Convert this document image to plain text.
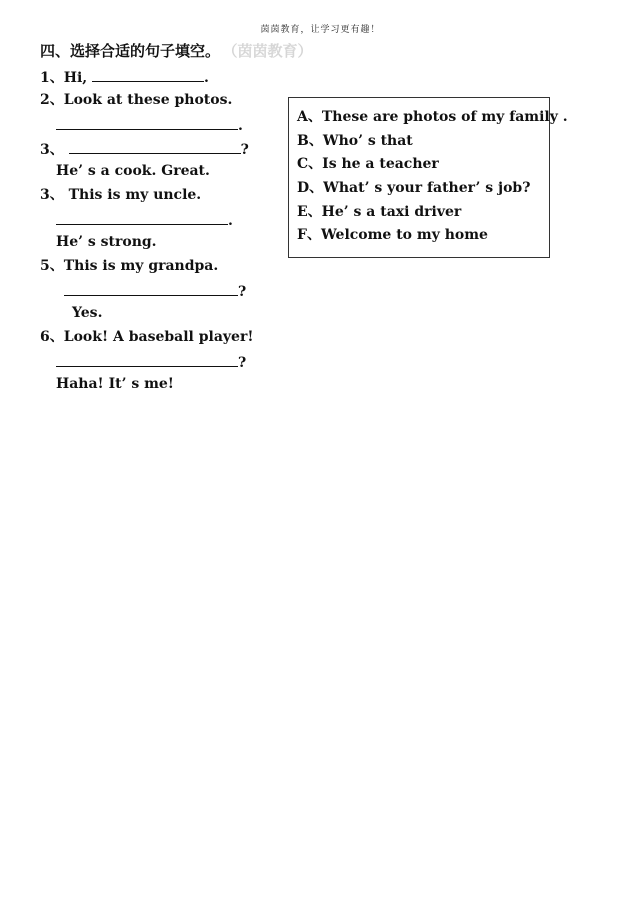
茵茵教育，让学习更有趣！
四、选择合适的句子填空。 （茵茵教育）
1、Hi,	.
2、Look at these photos.
.
3、	?
He’ s a cook. Great.
3、 This is my uncle.
.
He’ s strong.
5、This is my grandpa.
?
Yes.
6、Look! A baseball player!
?
Haha! It’ s me!
A、These are photos of my family .
B、Who’ s that
C、Is he a teacher
D、What’ s your father’ s job?
E、He’ s a taxi driver
F、Welcome to my home
